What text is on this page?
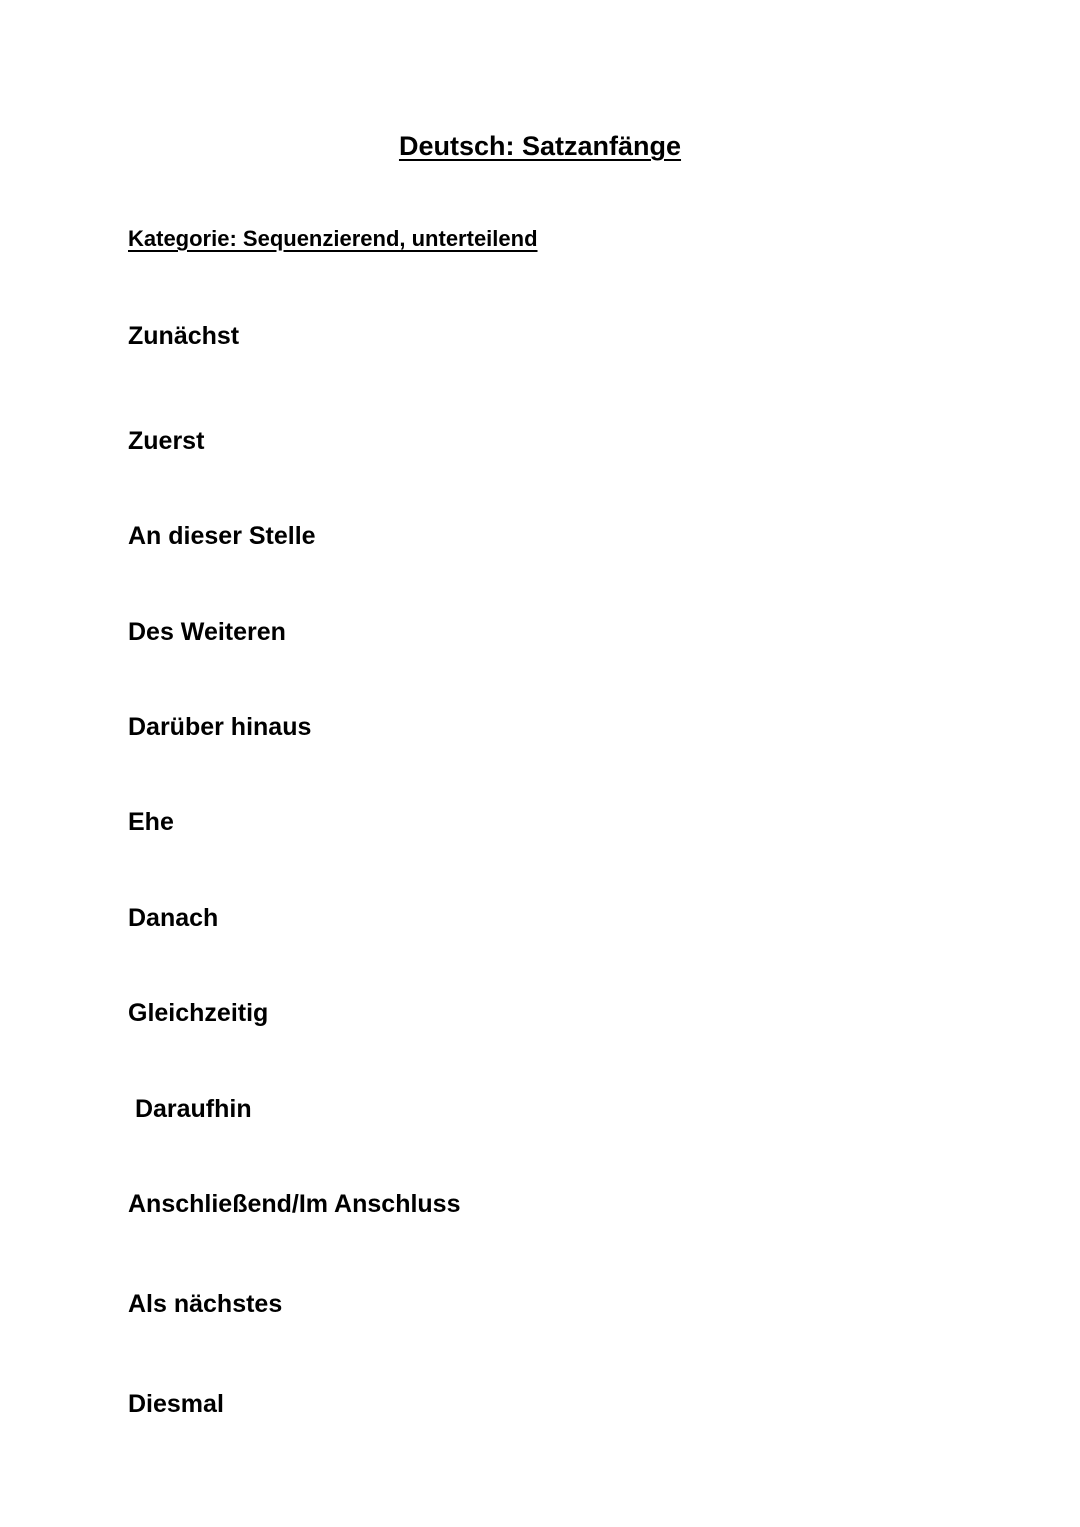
Deutsch: Satzanfänge
Kategorie: Sequenzierend, unterteilend

Zunächst

Zuerst

An dieser Stelle

Des Weiteren

Darüber hinaus

Ehe

Danach

Gleichzeitig

Daraufhin

Anschließend/Im Anschluss

Als nächstes

Diesmal
